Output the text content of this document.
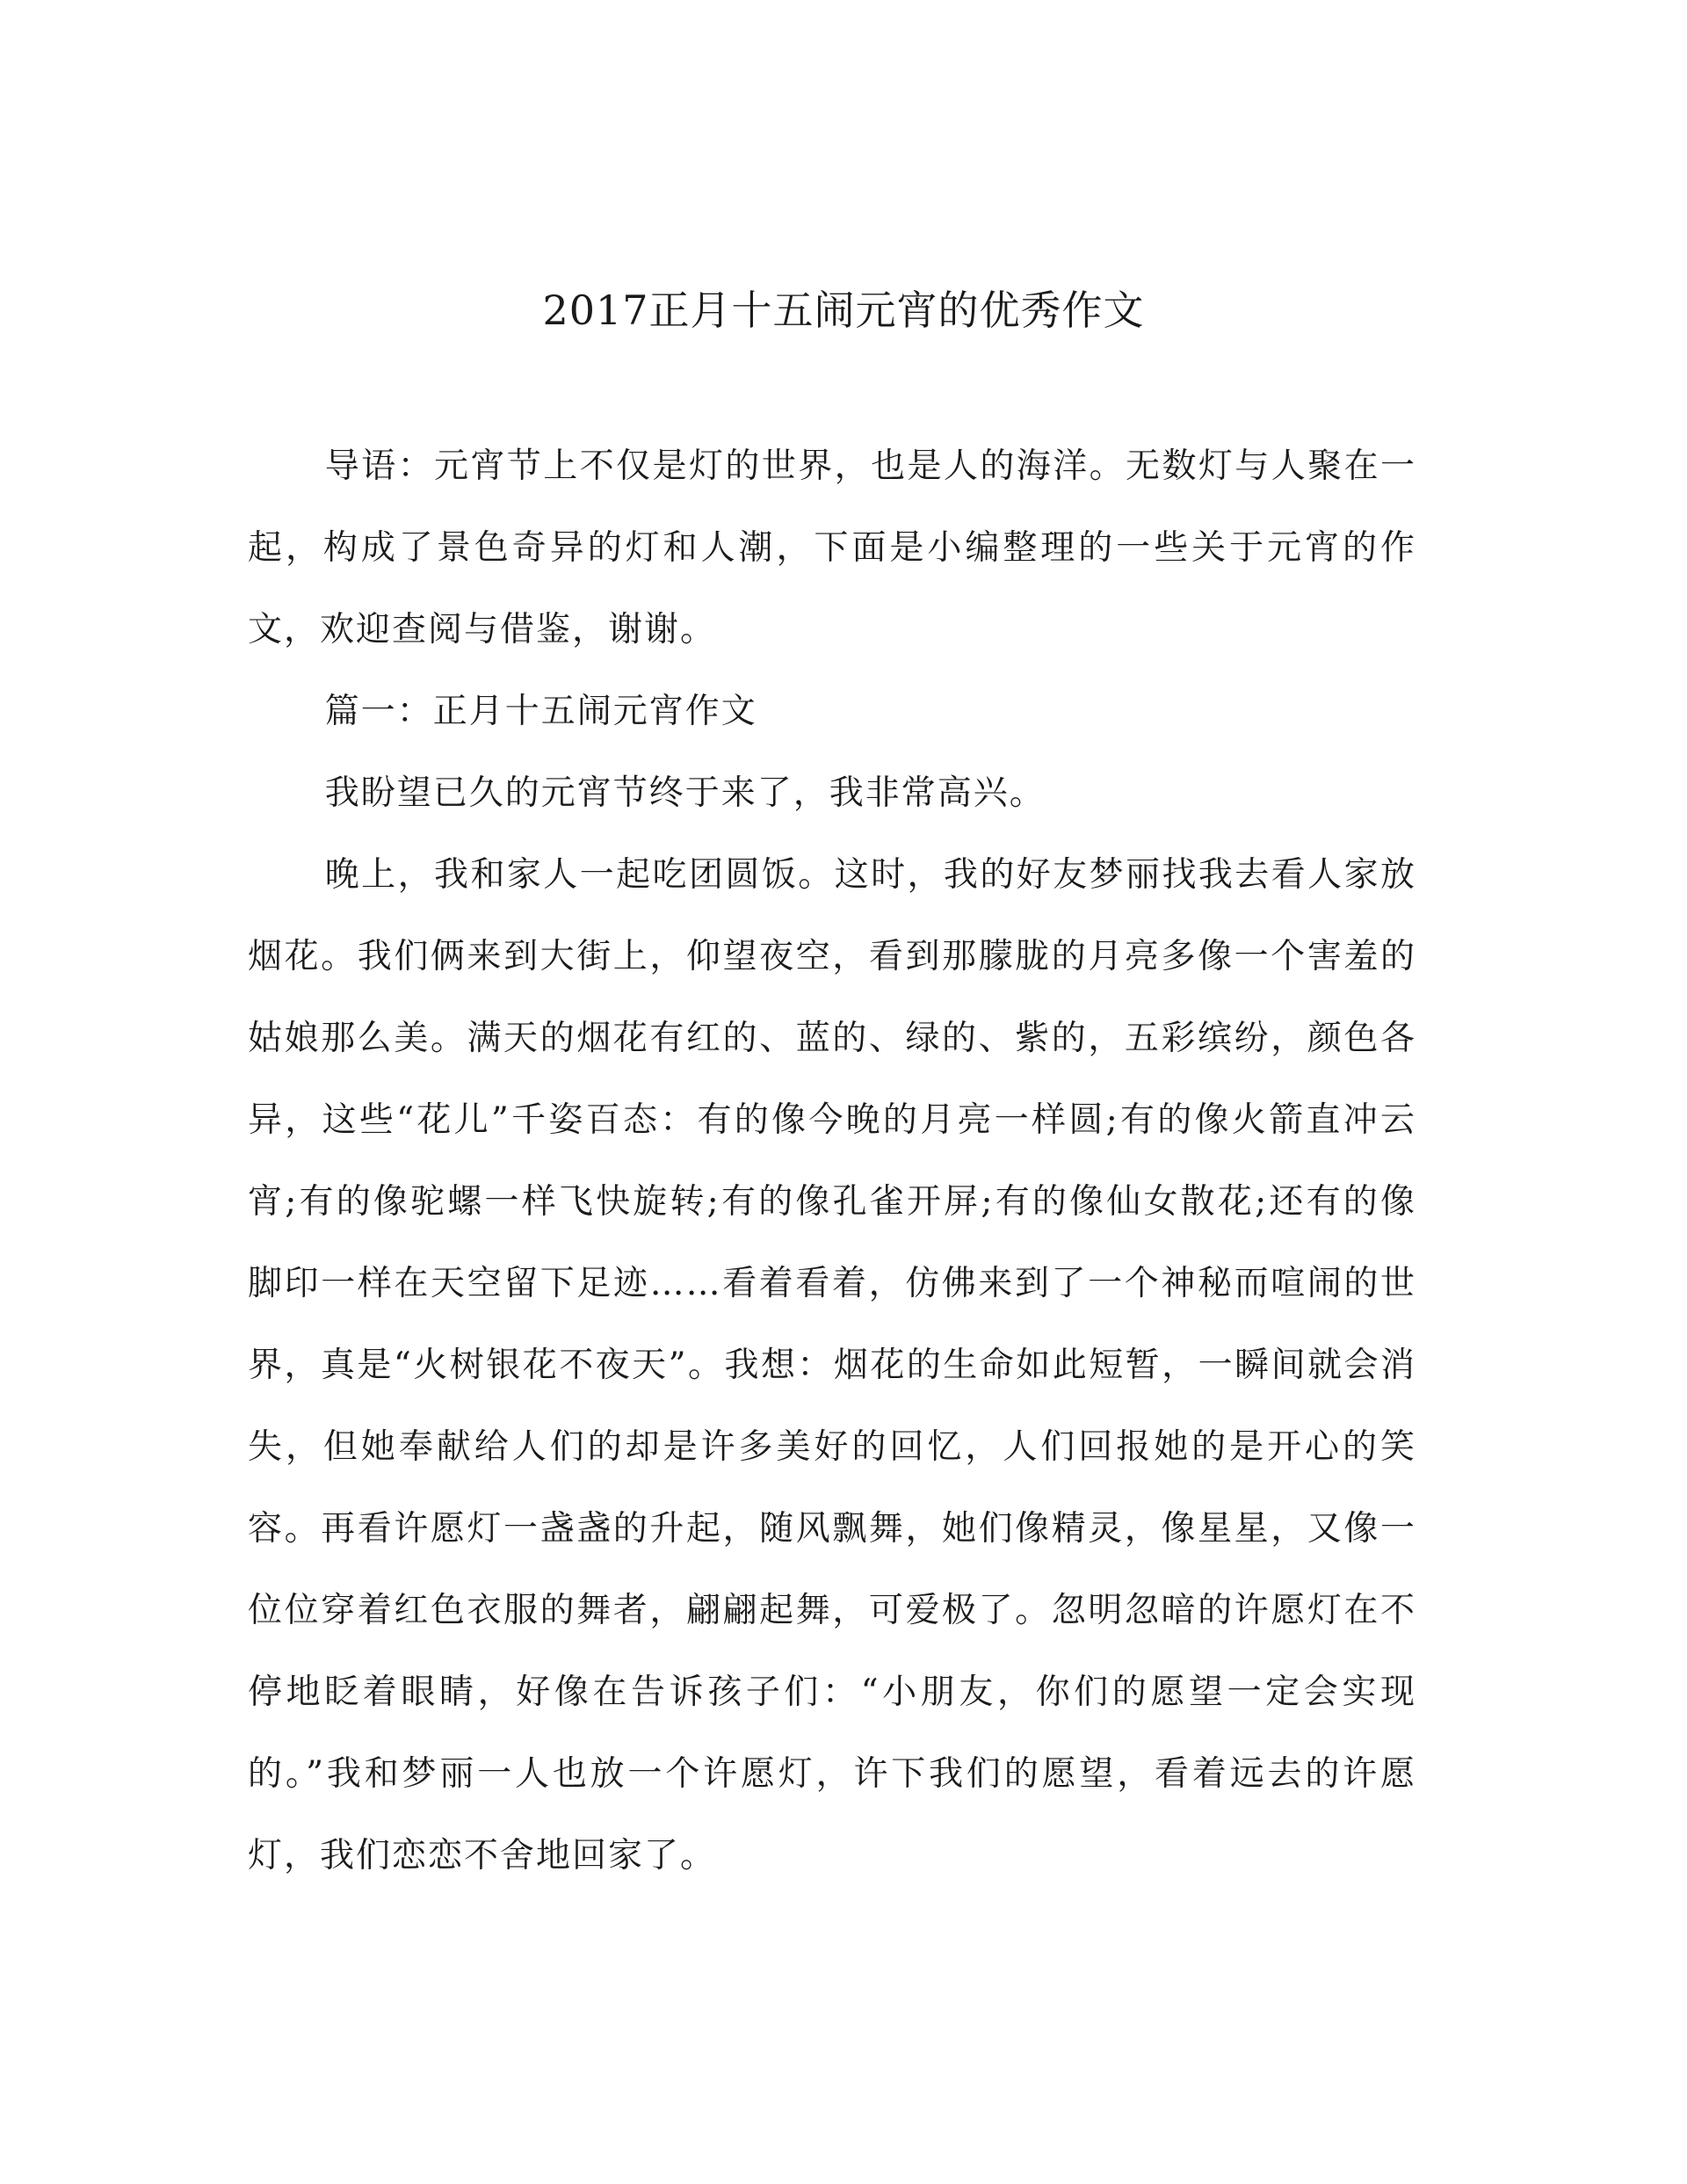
2017正月十五闹元宵的优秀作文

导语：元宵节上不仅是灯的世界，也是人的海洋。无数灯与人聚在一起，构成了景色奇异的灯和人潮，下面是小编整理的一些关于元宵的作文，欢迎查阅与借鉴，谢谢。

篇一：正月十五闹元宵作文

我盼望已久的元宵节终于来了，我非常高兴。

晚上，我和家人一起吃团圆饭。这时，我的好友梦丽找我去看人家放烟花。我们俩来到大街上，仰望夜空，看到那朦胧的月亮多像一个害羞的姑娘那么美。满天的烟花有红的、蓝的、绿的、紫的，五彩缤纷，颜色各异，这些“花儿”千姿百态：有的像今晚的月亮一样圆;有的像火箭直冲云宵;有的像驼螺一样飞快旋转;有的像孔雀开屏;有的像仙女散花;还有的像脚印一样在天空留下足迹……看着看着，仿佛来到了一个神秘而喧闹的世界，真是“火树银花不夜天”。我想：烟花的生命如此短暂，一瞬间就会消失，但她奉献给人们的却是许多美好的回忆，人们回报她的是开心的笑容。再看许愿灯一盏盏的升起，随风飘舞，她们像精灵，像星星，又像一位位穿着红色衣服的舞者，翩翩起舞，可爱极了。忽明忽暗的许愿灯在不停地眨着眼睛，好像在告诉孩子们：“小朋友，你们的愿望一定会实现的。”我和梦丽一人也放一个许愿灯，许下我们的愿望，看着远去的许愿灯，我们恋恋不舍地回家了。
